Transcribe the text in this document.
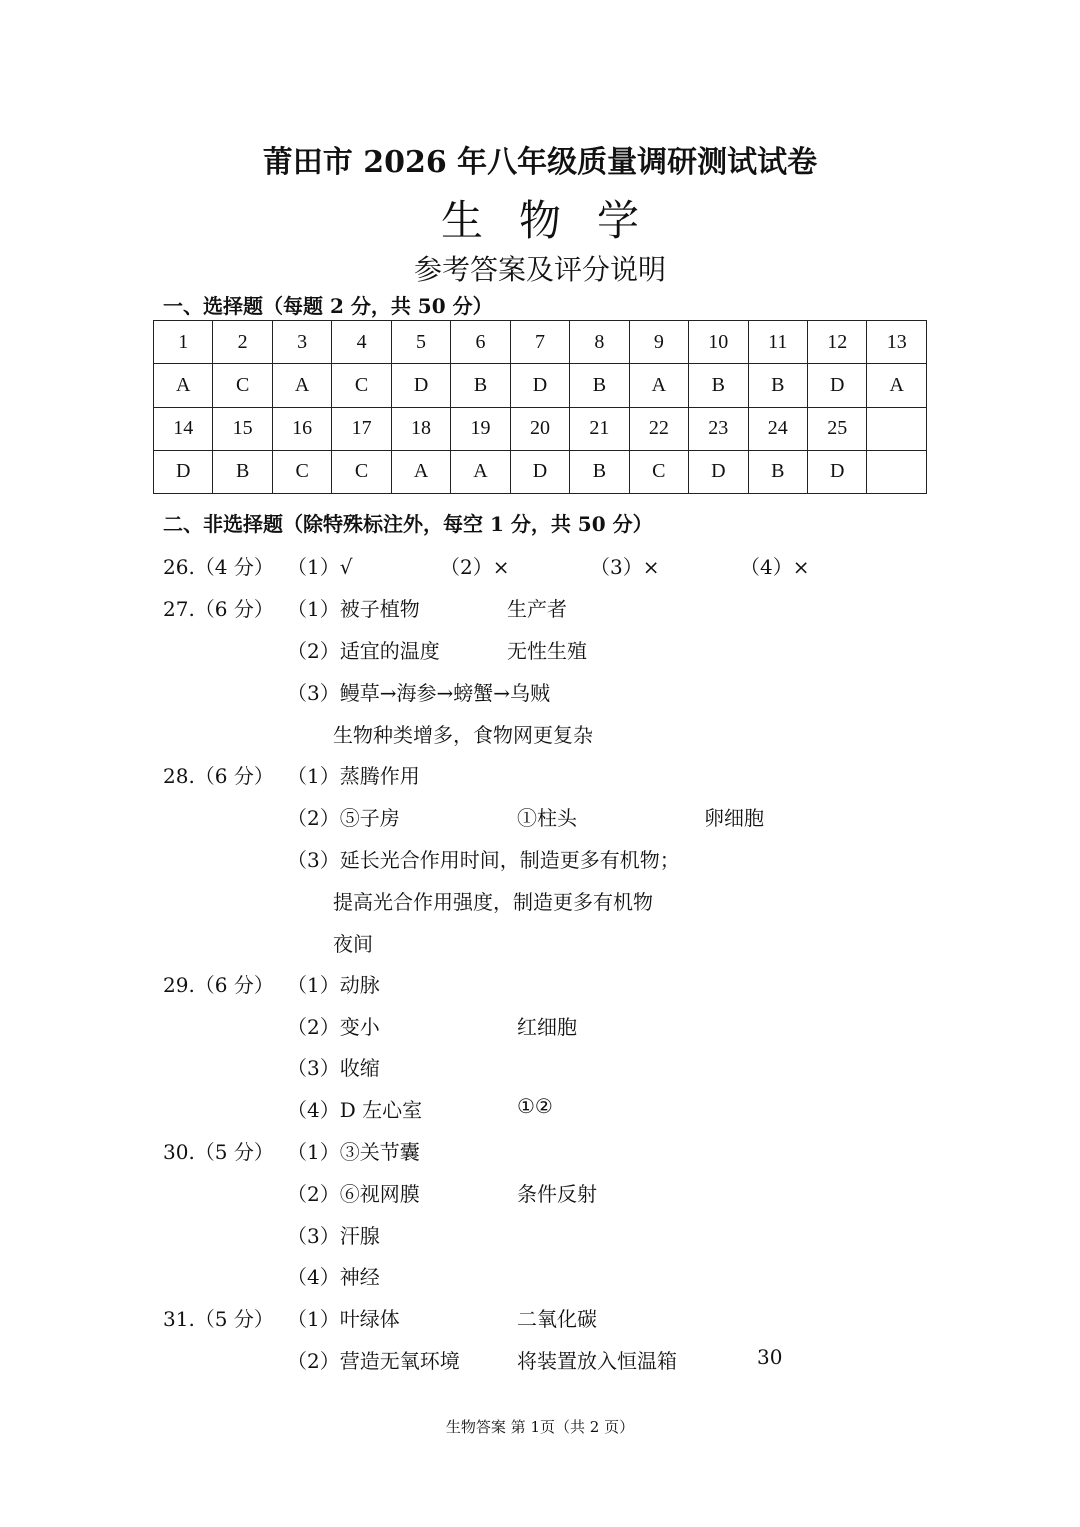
莆田市 2026 年八年级质量调研测试试卷
生物学
参考答案及评分说明
一、选择题（每题 2 分，共 50 分）
1	2	3	4	5	6	7	8	9	10	11	12	13
A	C	A	C	D	B	D	B	A	B	B	D	A
14	15	16	17	18	19	20	21	22	23	24	25	
D	B	C	C	A	A	D	B	C	D	B	D	
二、非选择题（除特殊标注外，每空 1 分，共 50 分）
26.（4 分） （1）√	（2）×	（3）×	（4）×
27.（6 分） （1）被子植物	生产者
（2）适宜的温度	无性生殖
（3）鳗草→海参→螃蟹→乌贼
生物种类增多，食物网更复杂
28.（6 分） （1）蒸腾作用
（2）⑤子房	①柱头	卵细胞
（3）延长光合作用时间，制造更多有机物；
提高光合作用强度，制造更多有机物
夜间
29.（6 分） （1）动脉
（2）变小	红细胞
（3）收缩
（4）D 左心室	①②
30.（5 分） （1）③关节囊
（2）⑥视网膜	条件反射
（3）汗腺
（4）神经
31.（5 分） （1）叶绿体	二氧化碳
（2）营造无氧环境	将装置放入恒温箱	30
生物答案 第 1页（共 2 页）
